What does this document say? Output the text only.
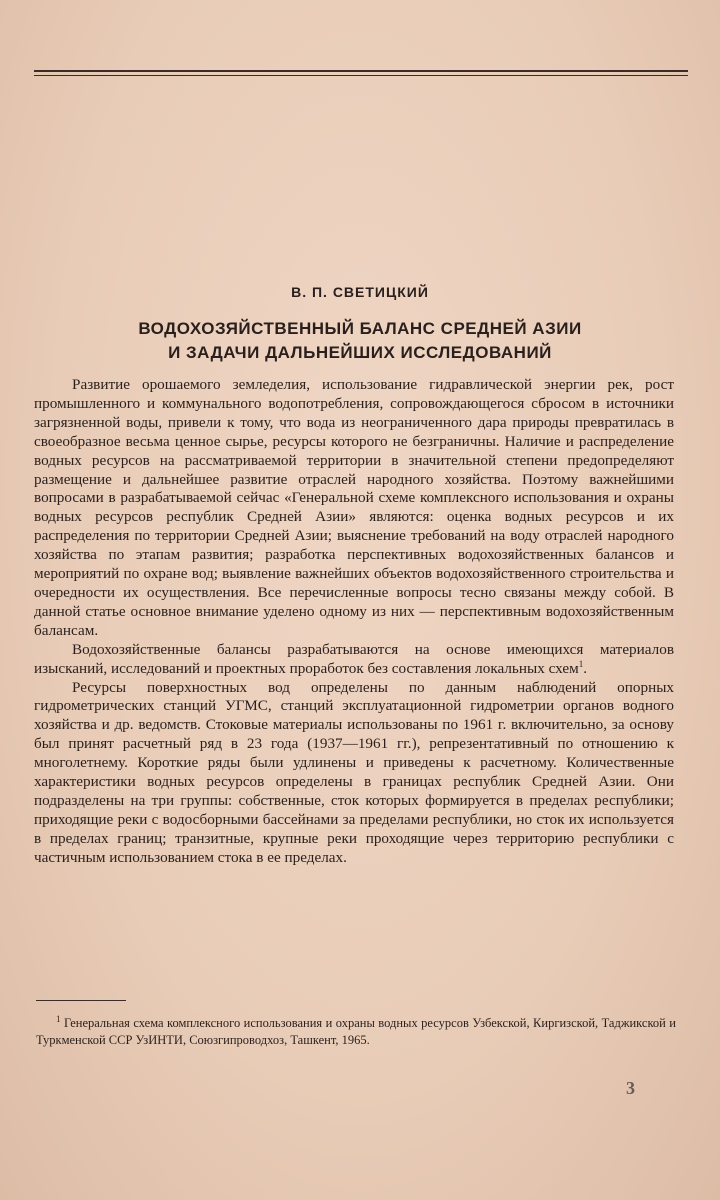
В. П. СВЕТИЦКИЙ
ВОДОХОЗЯЙСТВЕННЫЙ БАЛАНС СРЕДНЕЙ АЗИИ
И ЗАДАЧИ ДАЛЬНЕЙШИХ ИССЛЕДОВАНИЙ

Развитие орошаемого земледелия, использование гидравлической энергии рек, рост промышленного и коммунального водопотребления, сопровождающегося сбросом в источники загрязненной воды, привели к тому, что вода из неограниченного дара природы превратилась в своеобразное весьма ценное сырье, ресурсы которого не безграничны. Наличие и распределение водных ресурсов на рассматриваемой территории в значительной степени предопределяют размещение и дальнейшее развитие отраслей народного хозяйства. Поэтому важнейшими вопросами в разрабатываемой сейчас «Генеральной схеме комплексного использования и охраны водных ресурсов республик Средней Азии» являются: оценка водных ресурсов и их распределения по территории Средней Азии; выяснение требований на воду отраслей народного хозяйства по этапам развития; разработка перспективных водохозяйственных балансов и мероприятий по охране вод; выявление важнейших объектов водохозяйственного строительства и очередности их осуществления. Все перечисленные вопросы тесно связаны между собой. В данной статье основное внимание уделено одному из них — перспективным водохозяйственным балансам.

Водохозяйственные балансы разрабатываются на основе имеющихся материалов изысканий, исследований и проектных проработок без составления локальных схем$^1$.

Ресурсы поверхностных вод определены по данным наблюдений опорных гидрометрических станций УГМС, станций эксплуатационной гидрометрии органов водного хозяйства и др. ведомств. Стоковые материалы использованы по 1961 г. включительно, за основу был принят расчетный ряд в 23 года (1937—1961 гг.), репрезентативный по отношению к многолетнему. Короткие ряды были удлинены и приведены к расчетному. Количественные характеристики водных ресурсов определены в границах республик Средней Азии. Они подразделены на три группы: собственные, сток которых формируется в пределах республики; приходящие реки с водосборными бассейнами за пределами республики, но сток их используется в пределах границ; транзитные, крупные реки проходящие через территорию республики с частичным использованием стока в ее пределах.

$^1$ Генеральная схема комплексного использования и охраны водных ресурсов Узбекской, Киргизской, Таджикской и Туркменской ССР УзИНТИ, Союзгипроводхоз, Ташкент, 1965.
3
